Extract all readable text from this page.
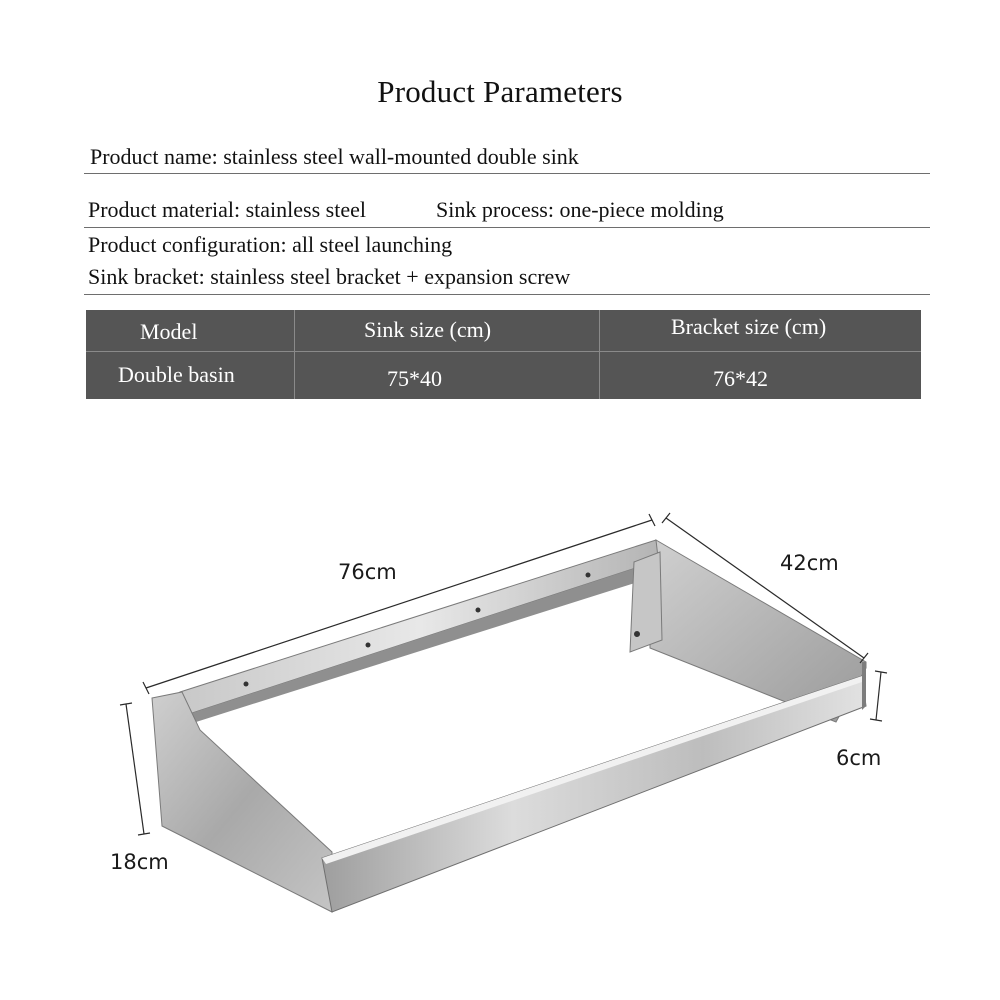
Product Parameters
Product name: stainless steel wall-mounted double sink
Product material: stainless steel	Sink process: one-piece molding
Product configuration: all steel launching
Sink bracket: stainless steel bracket + expansion screw
Model	Sink size (cm)	Bracket size (cm)
Double basin	75*40	76*42
76cm	42cm
6cm
18cm
